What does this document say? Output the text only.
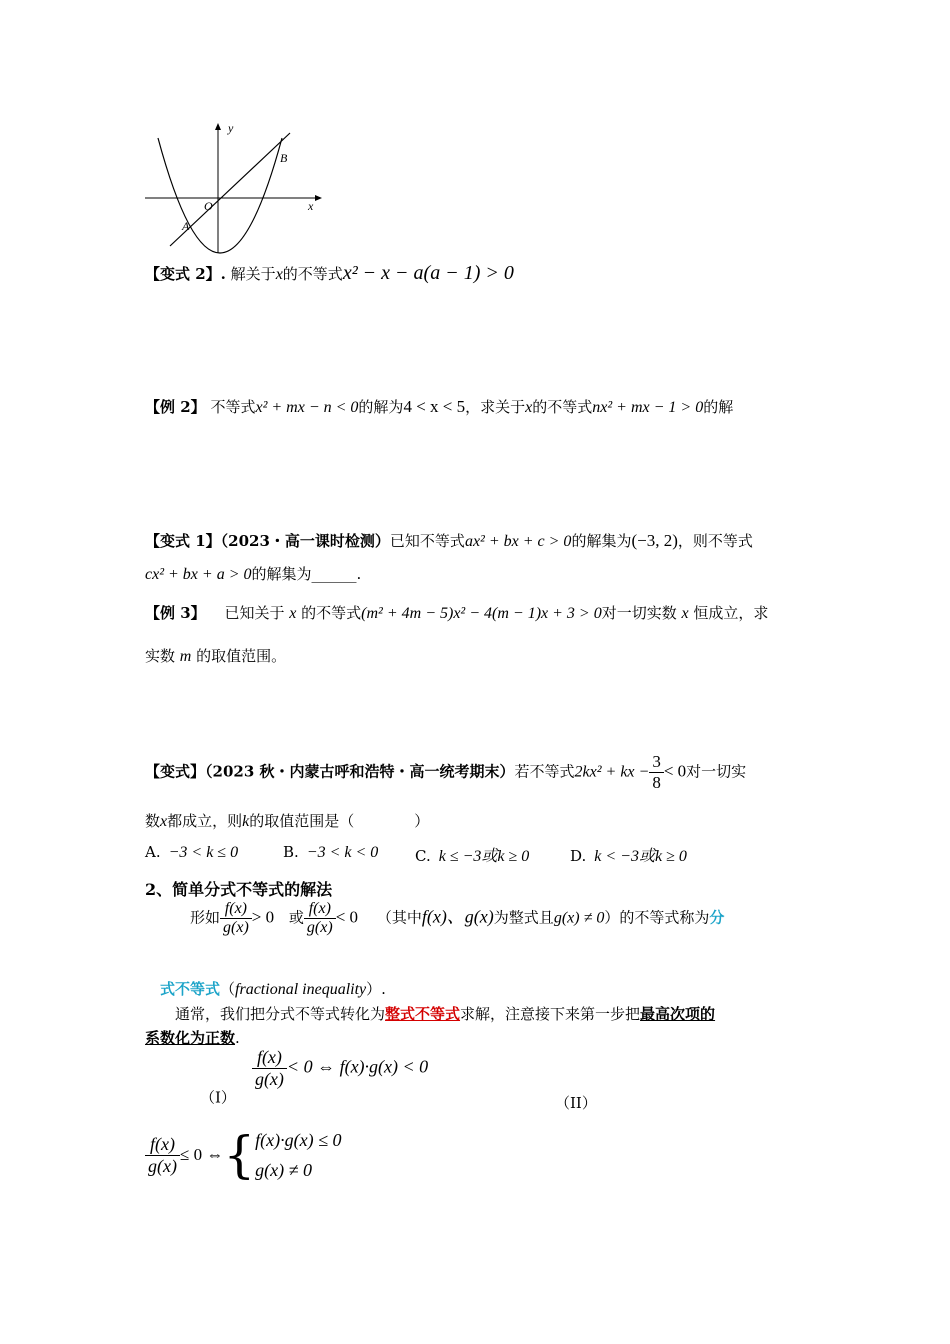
y
x
O
A
B
【变式 2】. 解关于x的不等式x² − x − a(a − 1) > 0
【例 2】 不等式x² + mx − n < 0的解为4 < x < 5，求关于x的不等式nx² + mx − 1 > 0的解
【变式 1】（2023・高一课时检测）已知不等式ax² + bx + c > 0的解集为(−3, 2)，则不等式
cx² + bx + a > 0的解集为______.
【例 3】 已知关于 x 的不等式(m² + 4m − 5)x² − 4(m − 1)x + 3 > 0对一切实数 x 恒成立，求
实数 m 的取值范围。
【变式】（2023 秋・内蒙古呼和浩特・高一统考期末）若不等式2kx² + kx − $\frac{3}{8} < 0$对一切实
数x都成立，则k的取值范围是（　　　　）
A. −3 < k ≤ 0	B. −3 < k < 0 C. k ≤ −3或k ≥ 0	D. k < −3或k ≥ 0
2、简单分式不等式的解法
形如 $\frac{f(x)}{g(x)} > 0$ 或 $\frac{f(x)}{g(x)} < 0$ （其中f(x)、g(x)为整式且g(x) ≠ 0）的不等式称为分
式不等式（fractional inequality）.
通常，我们把分式不等式转化为整式不等式求解，注意接下来第一步把最高次项的
系数化为正数.
（I）
$\frac{f(x)}{g(x)} < 0$ ⇔ f(x)·g(x) < 0
（II）
$\frac{f(x)}{g(x)} \le 0$ ⇔{ f(x)·g(x) ≤ 0
g(x) ≠ 0
